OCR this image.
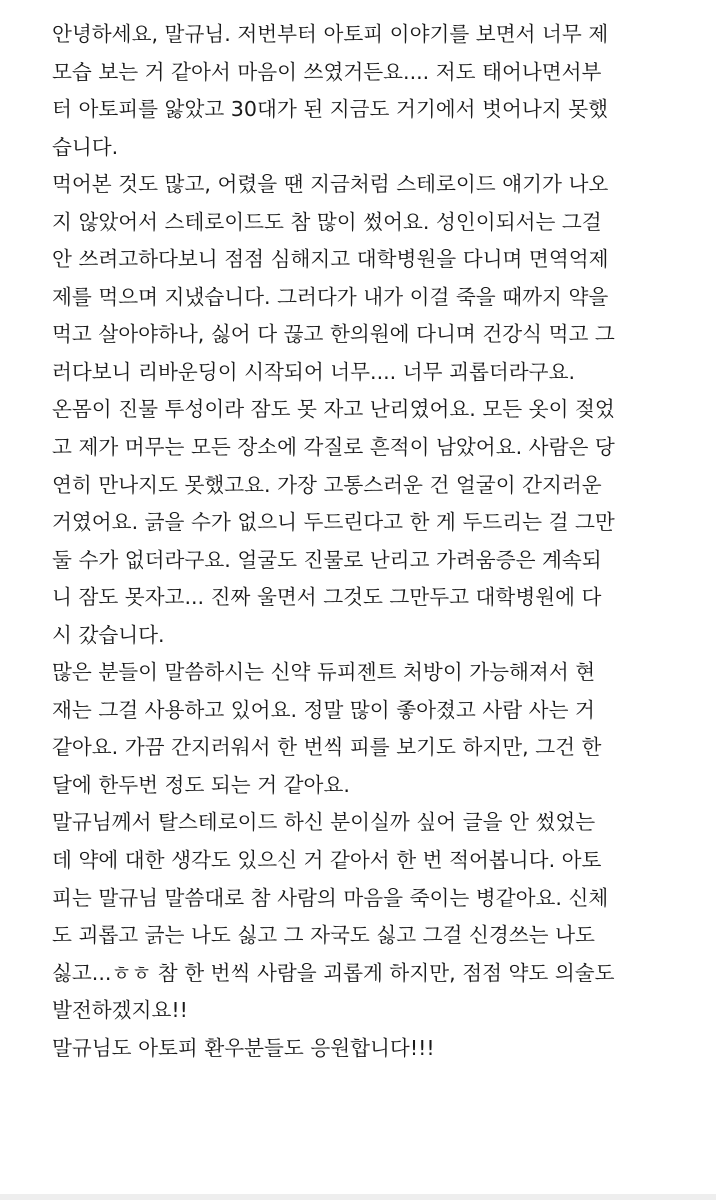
안녕하세요, 말규님. 저번부터 아토피 이야기를 보면서 너무 제
모습 보는 거 같아서 마음이 쓰였거든요.... 저도 태어나면서부
터 아토피를 앓았고 30대가 된 지금도 거기에서 벗어나지 못했
습니다.
먹어본 것도 많고, 어렸을 땐 지금처럼 스테로이드 얘기가 나오
지 않았어서 스테로이드도 참 많이 썼어요. 성인이되서는 그걸
안 쓰려고하다보니 점점 심해지고 대학병원을 다니며 면역억제
제를 먹으며 지냈습니다. 그러다가 내가 이걸 죽을 때까지 약을
먹고 살아야하나, 싫어 다 끊고 한의원에 다니며 건강식 먹고 그
러다보니 리바운딩이 시작되어 너무.... 너무 괴롭더라구요.
온몸이 진물 투성이라 잠도 못 자고 난리였어요. 모든 옷이 젖었
고 제가 머무는 모든 장소에 각질로 흔적이 남았어요. 사람은 당
연히 만나지도 못했고요. 가장 고통스러운 건 얼굴이 간지러운
거였어요. 긁을 수가 없으니 두드린다고 한 게 두드리는 걸 그만
둘 수가 없더라구요. 얼굴도 진물로 난리고 가려움증은 계속되
니 잠도 못자고... 진짜 울면서 그것도 그만두고 대학병원에 다
시 갔습니다.
많은 분들이 말씀하시는 신약 듀피젠트 처방이 가능해져서 현
재는 그걸 사용하고 있어요. 정말 많이 좋아졌고 사람 사는 거
같아요. 가끔 간지러워서 한 번씩 피를 보기도 하지만, 그건 한
달에 한두번 정도 되는 거 같아요.
말규님께서 탈스테로이드 하신 분이실까 싶어 글을 안 썼었는
데 약에 대한 생각도 있으신 거 같아서 한 번 적어봅니다. 아토
피는 말규님 말씀대로 참 사람의 마음을 죽이는 병같아요. 신체
도 괴롭고 긁는 나도 싫고 그 자국도 싫고 그걸 신경쓰는 나도
싫고...ㅎㅎ 참 한 번씩 사람을 괴롭게 하지만, 점점 약도 의술도
발전하겠지요!!
말규님도 아토피 환우분들도 응원합니다!!!
